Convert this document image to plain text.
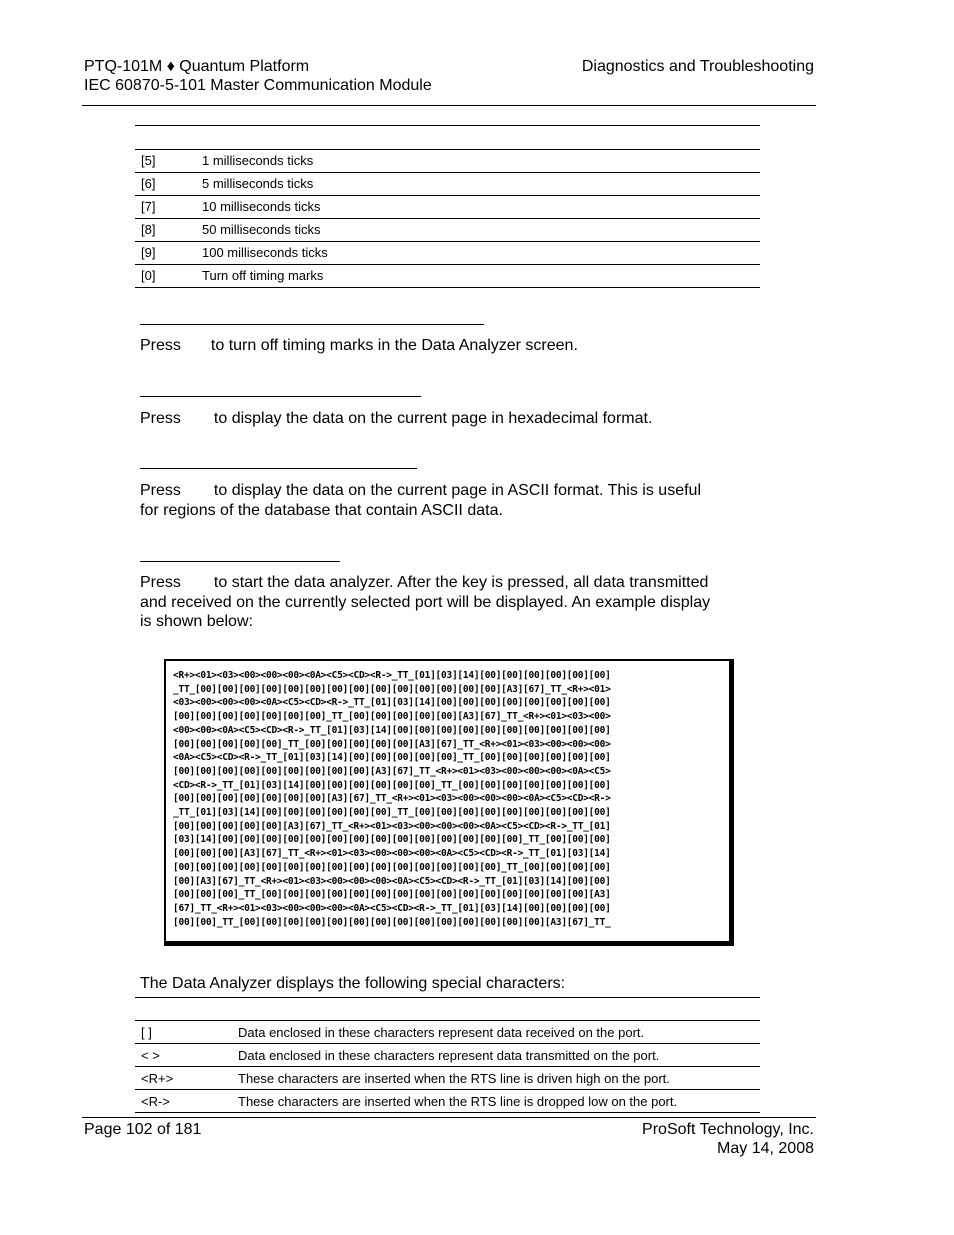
PTQ-101M ♦ Quantum Platform
IEC 60870-5-101 Master Communication Module
Diagnostics and Troubleshooting
[5]	1 milliseconds ticks
[6]	5 milliseconds ticks
[7]	10 milliseconds ticks
[8]	50 milliseconds ticks
[9]	100 milliseconds ticks
[0]	Turn off timing marks
Press to turn off timing marks in the Data Analyzer screen.
Press to display the data on the current page in hexadecimal format.
Press to display the data on the current page in ASCII format. This is useful
for regions of the database that contain ASCII data.
Press to start the data analyzer. After the key is pressed, all data transmitted
and received on the currently selected port will be displayed. An example display
is shown below:
<R+><01><03><00><00><00><0A><C5><CD><R->_TT_[01][03][14][00][00][00][00][00][00]
_TT_[00][00][00][00][00][00][00][00][00][00][00][00][00][00][A3][67]_TT_<R+><01>
<03><00><00><00><0A><C5><CD><R->_TT_[01][03][14][00][00][00][00][00][00][00][00]
[00][00][00][00][00][00][00]_TT_[00][00][00][00][00][A3][67]_TT_<R+><01><03><00>
<00><00><0A><C5><CD><R->_TT_[01][03][14][00][00][00][00][00][00][00][00][00][00]
[00][00][00][00][00]_TT_[00][00][00][00][00][A3][67]_TT_<R+><01><03><00><00><00>
<0A><C5><CD><R->_TT_[01][03][14][00][00][00][00][00]_TT_[00][00][00][00][00][00]
[00][00][00][00][00][00][00][00][00][A3][67]_TT_<R+><01><03><00><00><00><0A><C5>
<CD><R->_TT_[01][03][14][00][00][00][00][00][00]_TT_[00][00][00][00][00][00][00]
[00][00][00][00][00][00][00][A3][67]_TT_<R+><01><03><00><00><00><0A><C5><CD><R->
_TT_[01][03][14][00][00][00][00][00][00]_TT_[00][00][00][00][00][00][00][00][00]
[00][00][00][00][00][A3][67]_TT_<R+><01><03><00><00><00><0A><C5><CD><R->_TT_[01]
[03][14][00][00][00][00][00][00][00][00][00][00][00][00][00][00]_TT_[00][00][00]
[00][00][00][A3][67]_TT_<R+><01><03><00><00><00><0A><C5><CD><R->_TT_[01][03][14]
[00][00][00][00][00][00][00][00][00][00][00][00][00][00][00]_TT_[00][00][00][00]
[00][A3][67]_TT_<R+><01><03><00><00><00><0A><C5><CD><R->_TT_[01][03][14][00][00]
[00][00][00]_TT_[00][00][00][00][00][00][00][00][00][00][00][00][00][00][00][A3]
[67]_TT_<R+><01><03><00><00><00><0A><C5><CD><R->_TT_[01][03][14][00][00][00][00]
[00][00]_TT_[00][00][00][00][00][00][00][00][00][00][00][00][00][00][A3][67]_TT_
The Data Analyzer displays the following special characters:
[ ]	Data enclosed in these characters represent data received on the port.
< >	Data enclosed in these characters represent data transmitted on the port.
<R+>	These characters are inserted when the RTS line is driven high on the port.
<R->	These characters are inserted when the RTS line is dropped low on the port.
Page 102 of 181	ProSoft Technology, Inc.
May 14, 2008
